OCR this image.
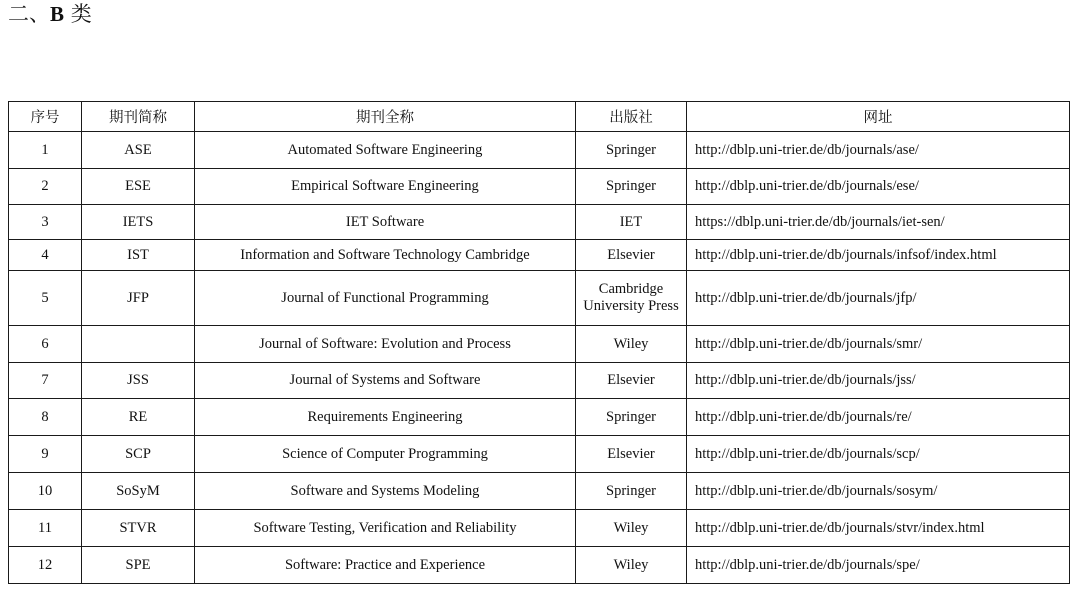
二、B 类
序号	期刊简称	期刊全称	出版社	网址
1	ASE	Automated Software Engineering	Springer	http://dblp.uni-trier.de/db/journals/ase/
2	ESE	Empirical Software Engineering	Springer	http://dblp.uni-trier.de/db/journals/ese/
3	IETS	IET Software	IET	https://dblp.uni-trier.de/db/journals/iet-sen/
4	IST	Information and Software Technology Cambridge	Elsevier	http://dblp.uni-trier.de/db/journals/infsof/index.html
5	JFP	Journal of Functional Programming	Cambridge University Press	http://dblp.uni-trier.de/db/journals/jfp/
6		Journal of Software: Evolution and Process	Wiley	http://dblp.uni-trier.de/db/journals/smr/
7	JSS	Journal of Systems and Software	Elsevier	http://dblp.uni-trier.de/db/journals/jss/
8	RE	Requirements Engineering	Springer	http://dblp.uni-trier.de/db/journals/re/
9	SCP	Science of Computer Programming	Elsevier	http://dblp.uni-trier.de/db/journals/scp/
10	SoSyM	Software and Systems Modeling	Springer	http://dblp.uni-trier.de/db/journals/sosym/
11	STVR	Software Testing, Verification and Reliability	Wiley	http://dblp.uni-trier.de/db/journals/stvr/index.html
12	SPE	Software: Practice and Experience	Wiley	http://dblp.uni-trier.de/db/journals/spe/
